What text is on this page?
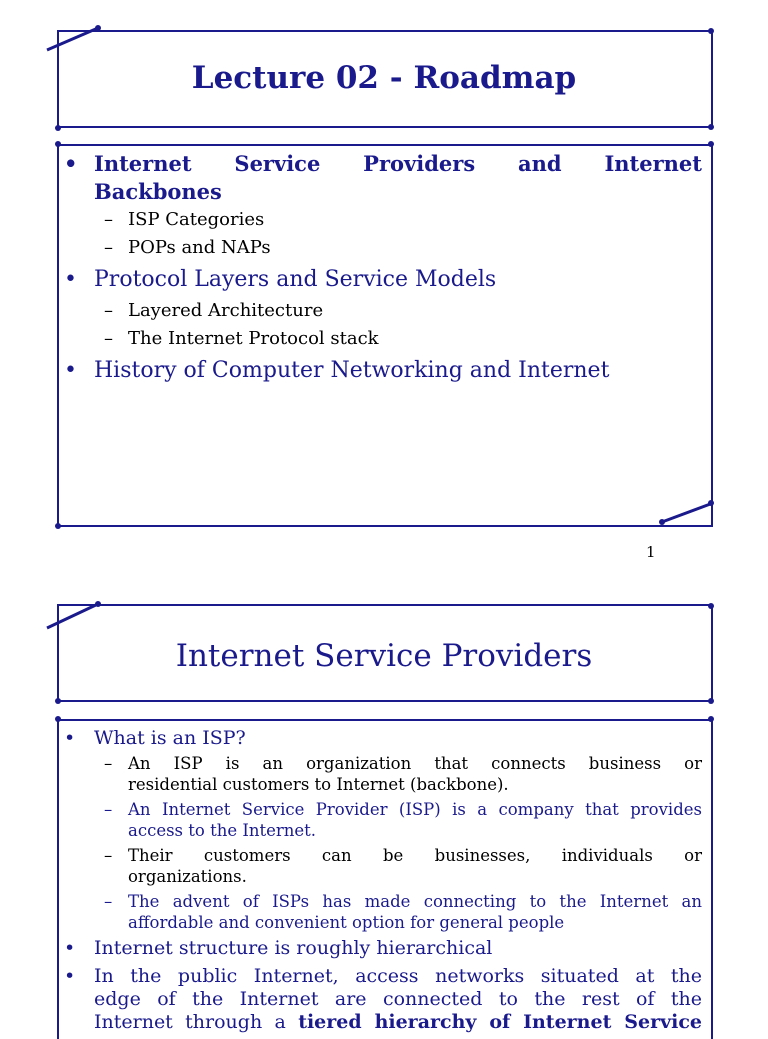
Lecture 02 - Roadmap
• Internet Service Providers and Internet
Backbones
– ISP Categories
– POPs and NAPs
• Protocol Layers and Service Models
– Layered Architecture
– The Internet Protocol stack
• History of Computer Networking and Internet
1
Internet Service Providers
• What is an ISP?
– An ISP is an organization that connects business or
residential customers to Internet (backbone).
– An Internet Service Provider (ISP) is a company that provides
access to the Internet.
– Their customers can be businesses, individuals or
organizations.
– The advent of ISPs has made connecting to the Internet an
affordable and convenient option for general people
• Internet structure is roughly hierarchical
• In the public Internet, access networks situated at the
edge of the Internet are connected to the rest of the
Internet through a tiered hierarchy of Internet Service
